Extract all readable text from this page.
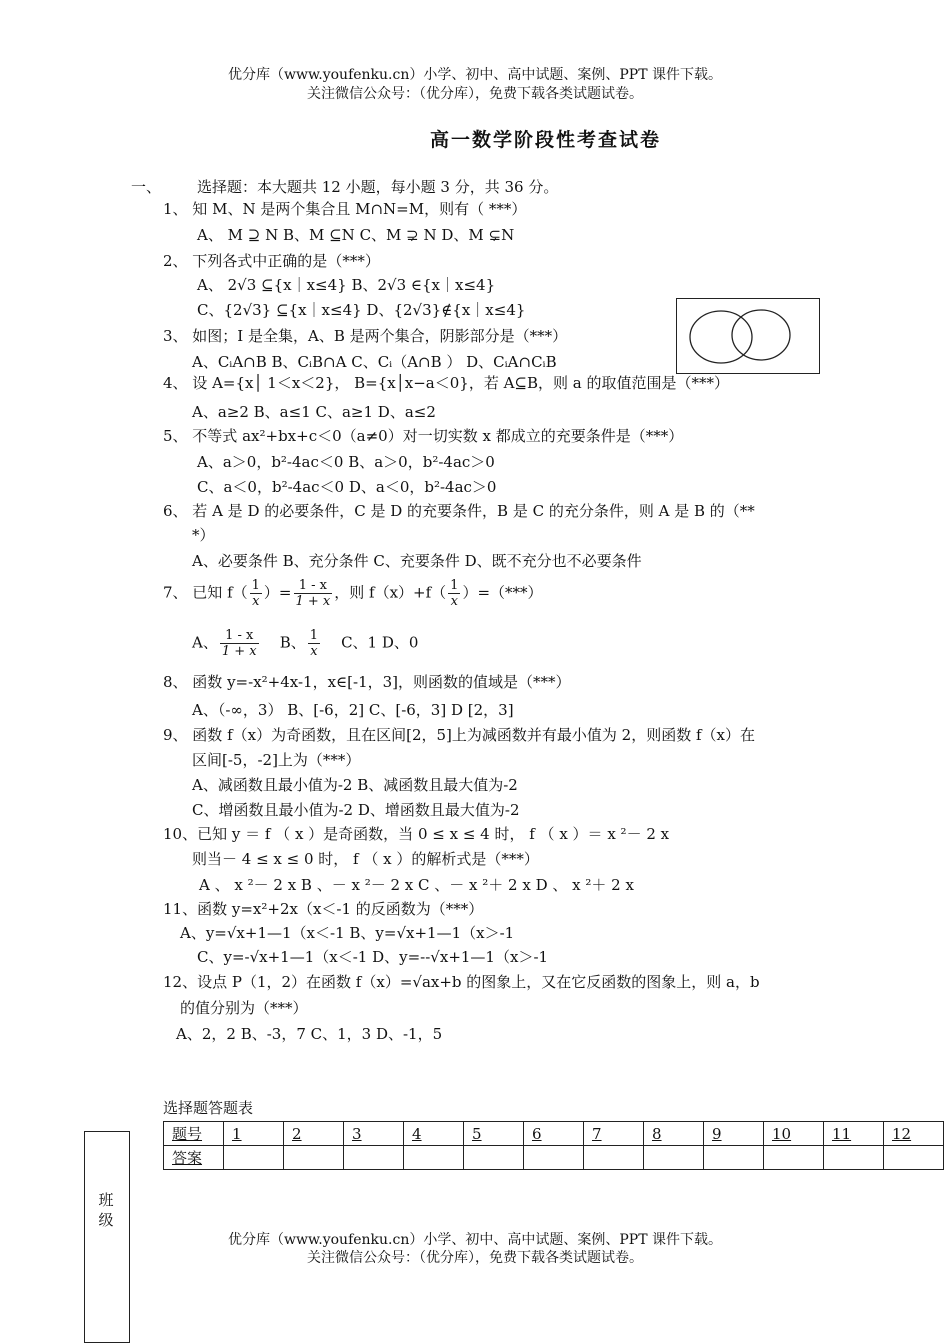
优分库（www.youfenku.cn）小学、初中、高中试题、案例、PPT 课件下载。
关注微信公众号：（优分库），免费下载各类试题试卷。
高一数学阶段性考查试卷
一、 选择题：本大题共 12 小题，每小题 3 分，共 36 分。
1、 知 M、N 是两个集合且 M∩N=M，则有（ ***）
A、 M ⊇ N B、M ⊆N C、M ⊋ N D、M ⊊N
2、 下列各式中正确的是（***）
A、 2√3 ⊆{x｜x≤4} B、2√3 ∈{x｜x≤4}
C、{2√3} ⊆{x｜x≤4} D、{2√3}∉{x｜x≤4}
3、 如图；I 是全集，A、B 是两个集合，阴影部分是（***）
A、CᵢA∩B B、CᵢB∩A C、Cᵢ（A∩B ） D、CᵢA∩CᵢB
4、 设 A={x│ 1＜x＜2}， B={x│x−a＜0}，若 A⊆B，则 a 的取值范围是（***）
A、a≥2 B、a≤1 C、a≥1 D、a≤2
5、 不等式 ax²+bx+c＜0（a≠0）对一切实数 x 都成立的充要条件是（***）
A、a＞0，b²-4ac＜0 B、a＞0，b²-4ac＞0
C、a＜0，b²-4ac＜0 D、a＜0，b²-4ac＞0
6、 若 A 是 D 的必要条件，C 是 D 的充要条件，B 是 C 的充分条件，则 A 是 B 的（**
*）
A、必要条件 B、充分条件 C、充要条件 D、既不充分也不必要条件
7、 已知 $f( \frac{1}{x}$ ）= $\frac{1 - x}{1 + x}$ ，则 $f(x)+f( \frac{1}{x}$ ）=（***）
A、 $\frac{1 - x}{1 + x}$ B、 $\frac{1}{x}$ C、1 D、0
8、 函数 y=-x²+4x-1，x∈[-1，3]，则函数的值域是（***）
A、（-∞，3） B、[-6，2] C、[-6，3] D [2，3]
9、 函数 f（x）为奇函数，且在区间[2，5]上为减函数并有最小值为 2，则函数 f（x）在
区间[-5，-2]上为（***）
A、减函数且最小值为-2 B、减函数且最大值为-2
C、增函数且最小值为-2 D、增函数且最大值为-2
10、已知 y ＝ f （ x ）是奇函数，当 0 ≤ x ≤ 4 时， f （ x ）＝ x ²－ 2 x
则当－ 4 ≤ x ≤ 0 时， f （ x ）的解析式是（***）
A 、 x ²－ 2 x B 、－ x ²－ 2 x C 、－ x ²＋ 2 x D 、 x ²＋ 2 x
11、函数 y=x²+2x（x＜-1 的反函数为（***）
A、y=√x+1—1（x＜-1 B、y=√x+1—1（x＞-1
C、y=-√x+1—1（x＜-1 D、y=--√x+1—1（x＞-1
12、设点 P（1，2）在函数 f（x）=√ax+b 的图象上，又在它反函数的图象上，则 a，b
的值分别为（***）
A、2，2 B、-3，7 C、1，3 D、-1，5
选择题答题表
题号	1	2	3	4	5	6	7	8	9	10	11	12
答案												
班
级
优分库（www.youfenku.cn）小学、初中、高中试题、案例、PPT 课件下载。
关注微信公众号：（优分库），免费下载各类试题试卷。
